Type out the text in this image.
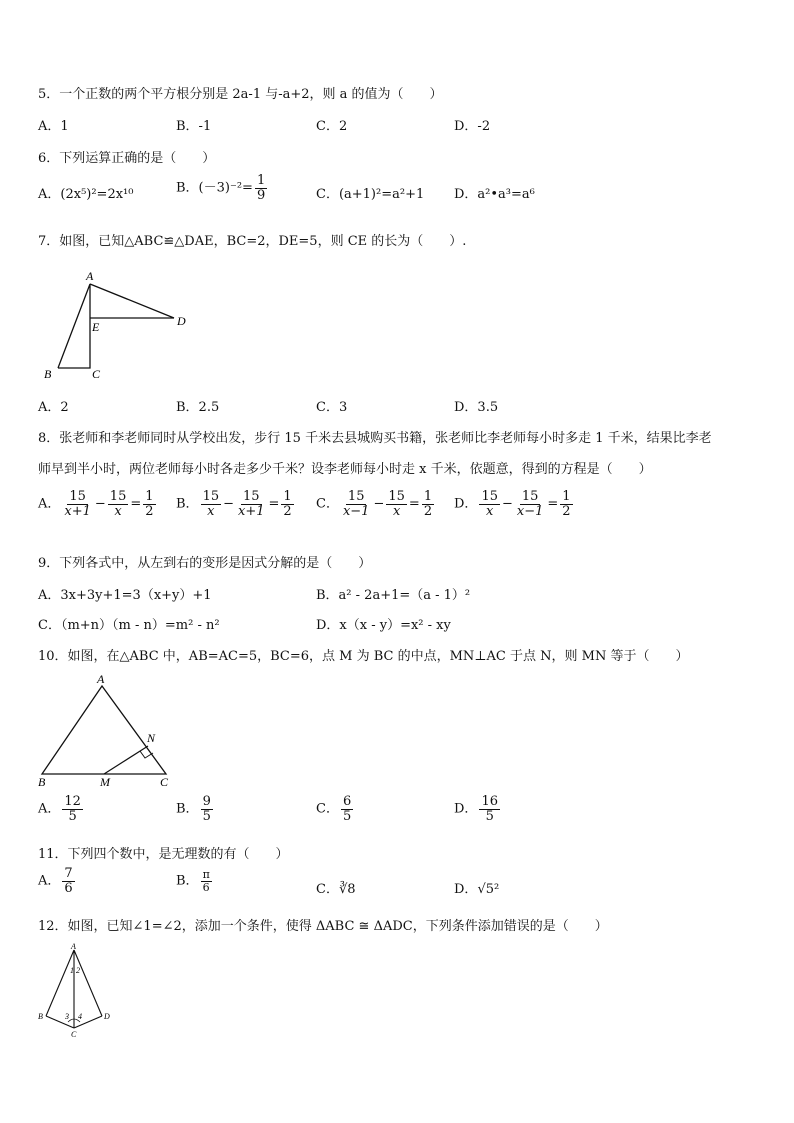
5．一个正数的两个平方根分别是 2a-1 与-a+2，则 a 的值为（　　）
A．1	B．-1	C．2	D．-2
6．下列运算正确的是（　　）
A．(2x⁵)²=2x¹⁰	B．$(-3)^{-2}= \frac{1}{9}$	C．(a+1)²=a²+1 D．a²•a³=a⁶
7．如图，已知△ABC≌△DAE，BC=2，DE=5，则 CE 的长为（　　）.
A
E	D
B	C
A．2	B．2.5	C．3	D．3.5
8．张老师和李老师同时从学校出发，步行 15 千米去县城购买书籍，张老师比李老师每小时多走 1 千米，结果比李老
师早到半小时，两位老师每小时各走多少千米？设李老师每小时走 x 千米，依题意，得到的方程是（　　）
A． $\frac{15}{x+1} - \frac{15}{x} = \frac{1}{2}$ B． $\frac{15}{x} - \frac{15}{x+1} = \frac{1}{2}$ C． $\frac{15}{x-1} - \frac{15}{x} = \frac{1}{2}$ D． $\frac{15}{x} - \frac{15}{x-1} = \frac{1}{2}$
9．下列各式中，从左到右的变形是因式分解的是（　　）
A．3x+3y+1=3（x+y）+1	B．a² - 2a+1=（a - 1）²
C．（m+n）（m - n）=m² - n²	D．x（x - y）=x² - xy
10．如图，在△ABC 中，AB=AC=5，BC=6，点 M 为 BC 的中点，MN⊥AC 于点 N，则 MN 等于（　　）
A
B	C
M
N
A． $\frac{12}{5}$	B． $\frac{9}{5}$	C． $\frac{6}{5}$	D． $\frac{16}{5}$
11．下列四个数中，是无理数的有（　　）
A． $\frac{7}{6}$	B． $\frac{\pi}{6}$	C．∛8	D．√5²
12．如图，已知∠1=∠2，添加一个条件，使得 ΔABC ≅ ΔADC，下列条件添加错误的是（　　）
A
1 2
B	D
3 4
C
